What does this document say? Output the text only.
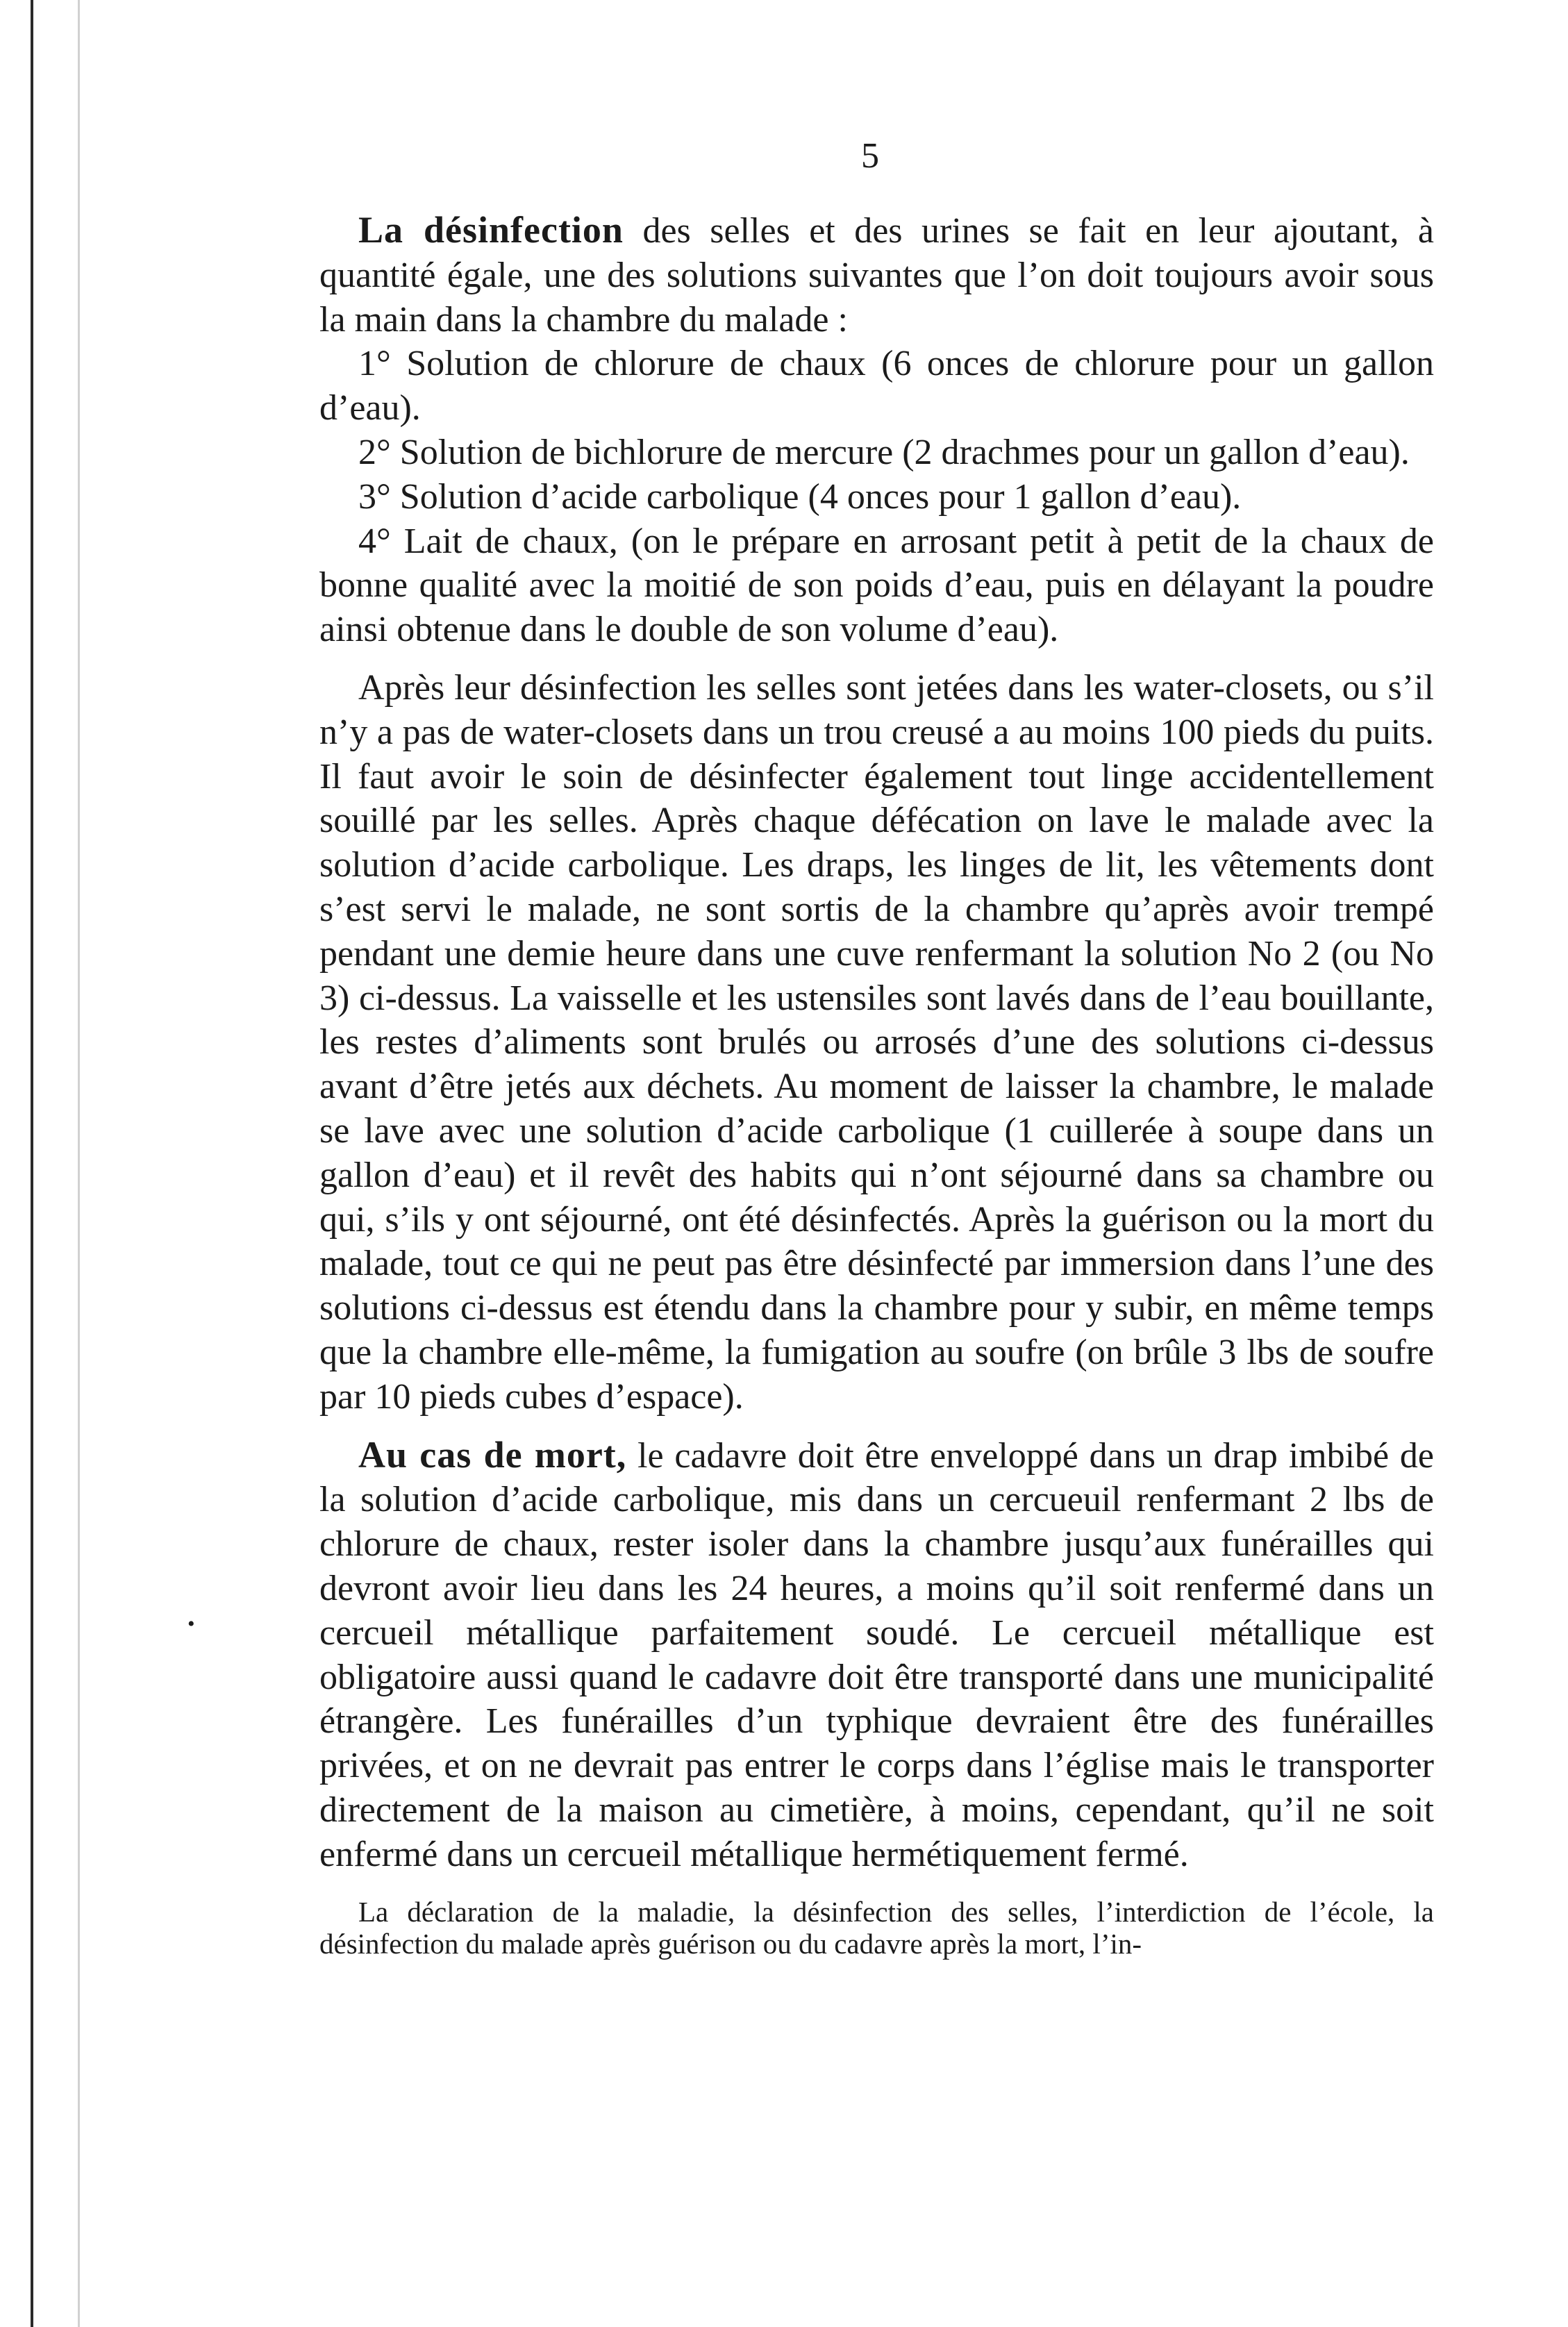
5
•

La désinfection des selles et des urines se fait en leur ajoutant, à quantité égale, une des solutions suivantes que l’on doit toujours avoir sous la main dans la chambre du malade :

1° Solution de chlorure de chaux (6 onces de chlorure pour un gallon d’eau).

2° Solution de bichlorure de mercure (2 drachmes pour un gallon d’eau).

3° Solution d’acide carbolique (4 onces pour 1 gallon d’eau).

4° Lait de chaux, (on le prépare en arrosant petit à petit de la chaux de bonne qualité avec la moitié de son poids d’eau, puis en délayant la poudre ainsi obtenue dans le double de son volume d’eau).

Après leur désinfection les selles sont jetées dans les water-closets, ou s’il n’y a pas de water-closets dans un trou creusé a au moins 100 pieds du puits. Il faut avoir le soin de désinfecter également tout linge accidentellement souillé par les selles. Après chaque défécation on lave le malade avec la solution d’acide carbolique. Les draps, les linges de lit, les vêtements dont s’est servi le malade, ne sont sortis de la chambre qu’après avoir trempé pendant une demie heure dans une cuve renfermant la solution No 2 (ou No 3) ci-dessus. La vaisselle et les ustensiles sont lavés dans de l’eau bouillante, les restes d’aliments sont brulés ou arrosés d’une des solutions ci-dessus avant d’être jetés aux déchets. Au moment de laisser la chambre, le malade se lave avec une solution d’acide carbolique (1 cuillerée à soupe dans un gallon d’eau) et il revêt des habits qui n’ont séjourné dans sa chambre ou qui, s’ils y ont séjourné, ont été désinfectés. Après la guérison ou la mort du malade, tout ce qui ne peut pas être désinfecté par immersion dans l’une des solutions ci-dessus est étendu dans la chambre pour y subir, en même temps que la chambre elle-même, la fumigation au soufre (on brûle 3 lbs de soufre par 10 pieds cubes d’espace).

Au cas de mort, le cadavre doit être enveloppé dans un drap imbibé de la solution d’acide carbolique, mis dans un cercueuil renfermant 2 lbs de chlorure de chaux, rester isoler dans la chambre jusqu’aux funérailles qui devront avoir lieu dans les 24 heures, a moins qu’il soit renfermé dans un cercueil métallique parfaitement soudé. Le cercueil métallique est obligatoire aussi quand le cadavre doit être transporté dans une municipalité étrangère. Les funérailles d’un typhique devraient être des funérailles privées, et on ne devrait pas entrer le corps dans l’église mais le transporter directement de la maison au cimetière, à moins, cependant, qu’il ne soit enfermé dans un cercueil métallique hermétiquement fermé.

La déclaration de la maladie, la désinfection des selles, l’interdiction de l’école, la désinfection du malade après guérison ou du cadavre après la mort, l’in-
